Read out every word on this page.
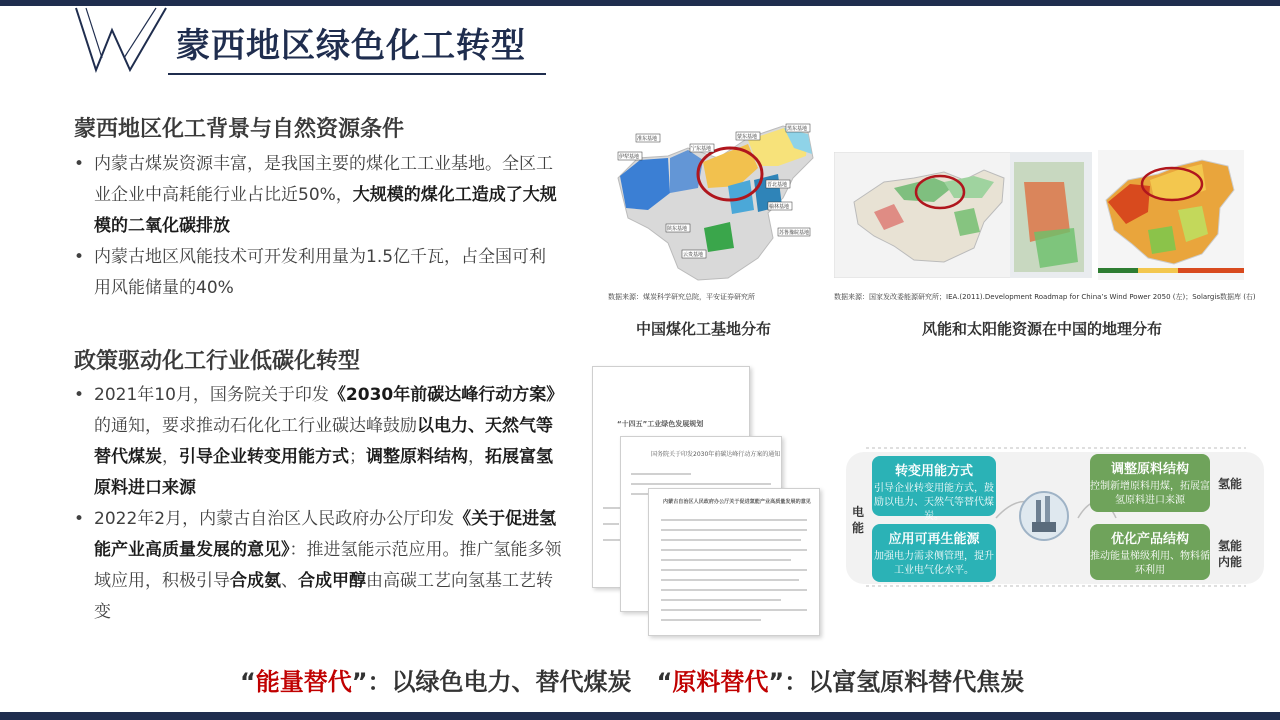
蒙西地区绿色化工转型
蒙西地区化工背景与自然资源条件
• 内蒙古煤炭资源丰富，是我国主要的煤化工工业基地。全区工业企业中高耗能行业占比近50%，大规模的煤化工造成了大规模的二氧化碳排放
• 内蒙古地区风能技术可开发利用量为1.5亿千瓦，占全国可利用风能储量的40%
政策驱动化工行业低碳化转型
• 2021年10月，国务院关于印发《2030年前碳达峰行动方案》的通知，要求推动石化化工行业碳达峰鼓励以电力、天然气等替代煤炭，引导企业转变用能方式；调整原料结构，拓展富氢原料进口来源
• 2022年2月，内蒙古自治区人民政府办公厅印发《关于促进氢能产业高质量发展的意见》：推进氢能示范应用。推广氢能多领域应用，积极引导合成氨、合成甲醇由高碳工艺向氢基工艺转变
伊犁基地
准东基地
宁东基地
蒙东基地
黑东基地
晋北基地
陕东基地
榆林基地
苏鲁豫皖基地
云贵基地
数据来源：煤炭科学研究总院，平安证券研究所
中国煤化工基地分布
数据来源：国家发改委能源研究所；IEA.(2011).Development Roadmap for China’s Wind Power 2050 (左)；Solargis数据库 (右)
风能和太阳能资源在中国的地理分布
“十四五”工业绿色发展规划
国务院关于印发2030年前碳达峰行动方案的通知
内蒙古自治区人民政府办公厅关于促进氢能产业高质量发展的意见
电能
转变用能方式
引导企业转变用能方式，鼓励以电力、天然气等替代煤炭。
应用可再生能源
加强电力需求侧管理，提升工业电气化水平。
调整原料结构
控制新增原料用煤，拓展富氢原料进口来源
优化产品结构
推动能量梯级利用、物料循环利用
氢能
氢能内能
“能量替代”：以绿色电力、替代煤炭 “原料替代”：以富氢原料替代焦炭
